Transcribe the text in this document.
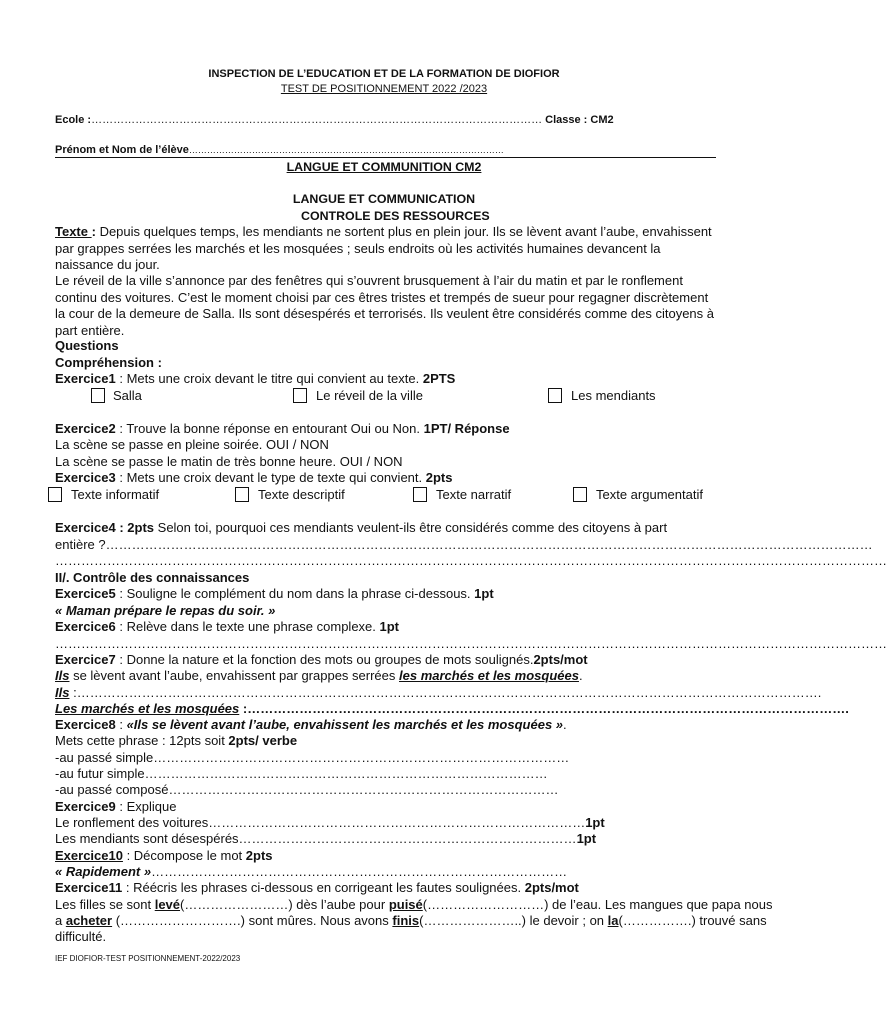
INSPECTION DE L’EDUCATION ET DE LA FORMATION DE DIOFIOR
TEST DE POSITIONNEMENT 2022 /2023
Ecole :…………………………………………………………………………………………………………… Classe : CM2
Prénom et Nom de l’élève……………………………………………………………………………………………
LANGUE ET COMMUNITION CM2
LANGUE ET COMMUNICATION
CONTROLE DES RESSOURCES
Texte : Depuis quelques temps, les mendiants ne sortent plus en plein jour. Ils se lèvent avant l’aube, envahissent par grappes serrées les marchés et les mosquées ; seuls endroits où les activités humaines devancent la naissance du jour.
Le réveil de la ville s’annonce par des fenêtres qui s’ouvrent brusquement à l’air du matin et par le ronflement continu des voitures. C’est le moment choisi par ces êtres tristes et trempés de sueur pour regagner discrètement la cour de la demeure de Salla. Ils sont désespérés et terrorisés. Ils veulent être considérés comme des citoyens à part entière.
Questions
Compréhension :
Exercice1 : Mets une croix devant le titre qui convient au texte. 2PTS
Salla	Le réveil de la ville	Les mendiants
Exercice2 : Trouve la bonne réponse en entourant Oui ou Non. 1PT/ Réponse
La scène se passe en pleine soirée. OUI / NON
La scène se passe le matin de très bonne heure. OUI / NON
Exercice3 : Mets une croix devant le type de texte qui convient. 2pts
Texte informatif	Texte descriptif	Texte narratif	Texte argumentatif
Exercice4 : 2pts Selon toi, pourquoi ces mendiants veulent-ils être considérés comme des citoyens à part
entière ?……………………………………………………………………………………………………………………………………………………………
…………………………………………………………………………………………………………………………………………………………………………
II/. Contrôle des connaissances
Exercice5 : Souligne le complément du nom dans la phrase ci-dessous. 1pt
« Maman prépare le repas du soir. »
Exercice6 : Relève dans le texte une phrase complexe. 1pt
…………………………………………………………………………………………………………………………………………………………………………
Exercice7 : Donne la nature et la fonction des mots ou groupes de mots soulignés.2pts/mot
Ils se lèvent avant l’aube, envahissent par grappes serrées les marchés et les mosquées.
Ils :……………………………………………………………………………………………………………………………………………………….
Les marchés et les mosquées :………………………………………………………………………………………………………………………….
Exercice8 : «Ils se lèvent avant l’aube, envahissent les marchés et les mosquées ».
Mets cette phrase : 12pts soit 2pts/ verbe
-au passé simple……………………………………………………………………………………
-au futur simple…………………………………………………………………………………
-au passé composé………………………………………………………………………………
Exercice9 : Explique
Le ronflement des voitures……………………………………………………………………………1pt
Les mendiants sont désespérés……………………………………………………………………1pt
Exercice10 : Décompose le mot 2pts
« Rapidement »……………………………………………………………………………………
Exercice11 : Réécris les phrases ci-dessous en corrigeant les fautes soulignées. 2pts/mot
Les filles se sont levé(……………………) dès l’aube pour puisé(………………………) de l’eau. Les mangues que papa nous
a acheter (……………………….) sont mûres. Nous avons finis(…………………..) le devoir ; on la(…………….) trouvé sans
difficulté.
IEF DIOFIOR-TEST POSITIONNEMENT-2022/2023
